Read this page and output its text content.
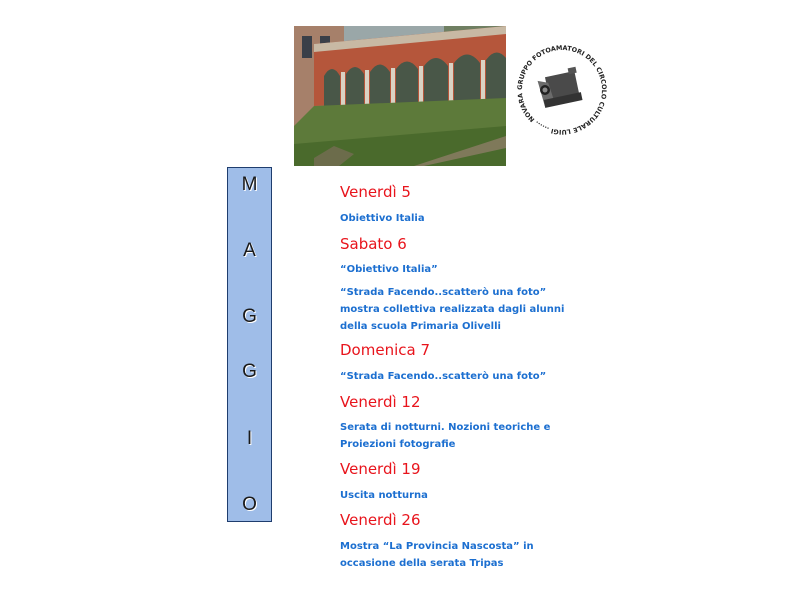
GRUPPO FOTOAMATORI DEL CIRCOLO CULTURALE LUIGI ...... NOVARA
M
A
G
G
I
O
Venerdì 5
Obiettivo Italia
Sabato 6
“Obiettivo Italia”
“Strada Facendo..scatterò una foto” mostra collettiva realizzata dagli alunni della scuola Primaria Olivelli
Domenica 7
“Strada Facendo..scatterò una foto”
Venerdì 12
Serata di notturni. Nozioni teoriche e Proiezioni fotografie
Venerdì 19
Uscita notturna
Venerdì 26
Mostra “La Provincia Nascosta” in occasione della serata Tripas
